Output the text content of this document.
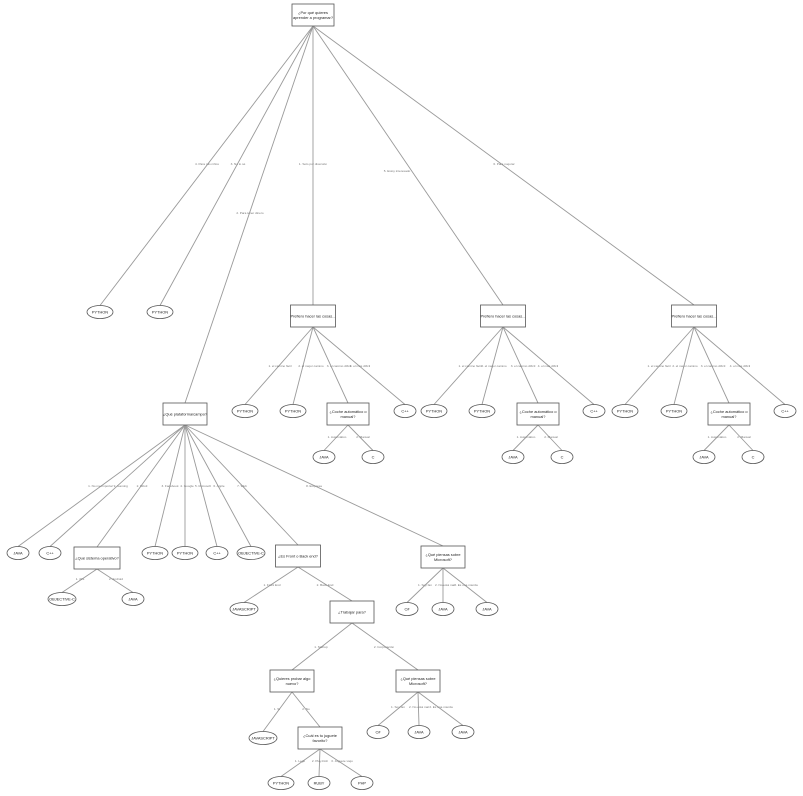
4. Para mis niños	3. No lo sé
2. Para tener dinero
1. Solo por diversión
5. Estoy interesado
6. Para mejorar
1. el camino fácil 2. el mejor camino 3. el camino difícil
4. el más difícil
1. Automático	2. Manual
1. el camino fácil 2. el mejor camino 3. el camino difícil 4. el más difícil
1. Automático	2. Manual
1. el camino fácil 2. el mejor camino 3. el camino difícil 4. el más difícil
1. Automático	2. Manual
1. No me importa/ 9. Gaming	2. Móvil	3. Facebook 4. Google 5. Microsoft 6. Apple	7. Web	8. Empresa
1. iOS	2. Android
1. Front End	2. Back End	1. Soy fan 2. No está mal 3. Es una mierda
1. Startup	2. Corporación
1. Sí	2. No	1. Soy fan 2. No está mal 3. Es una mierda
1. Lego 2. Play-Doh 3. Juguete viejo
¿Por qué quieres
aprender a programar?
PYTHON	PYTHON
Prefiero hacer las cosas...	Prefiero hacer las cosas...	Prefiero hacer las cosas...
PYTHON	PYTHON	¿Coche automático o
manual?
C++
JAVA	C
PYTHON	PYTHON	¿Coche automático o
manual?
C++
JAVA	C
PYTHON	PYTHON	¿Coche automático o
manual?
C++
JAVA	C
¿Qué plataforma/campo?
JAVA	C++
¿Qué sistema operativo?
OBJECTIVE-C	JAVA
PYTHON	PYTHON	C++	OBJECTIVE-C
¿Es Front o Back end?
JAVASCRIPT
¿Trabajar para?
¿Qué piensas sobre
Microsoft?
C#	JAVA	JAVA
¿Quieres probar algo
nuevo?
¿Qué piensas sobre
Microsoft?
JAVASCRIPT	¿Cuál es tu juguete
favorito?
C#	JAVA	JAVA
PYTHON	RUBY	PHP
